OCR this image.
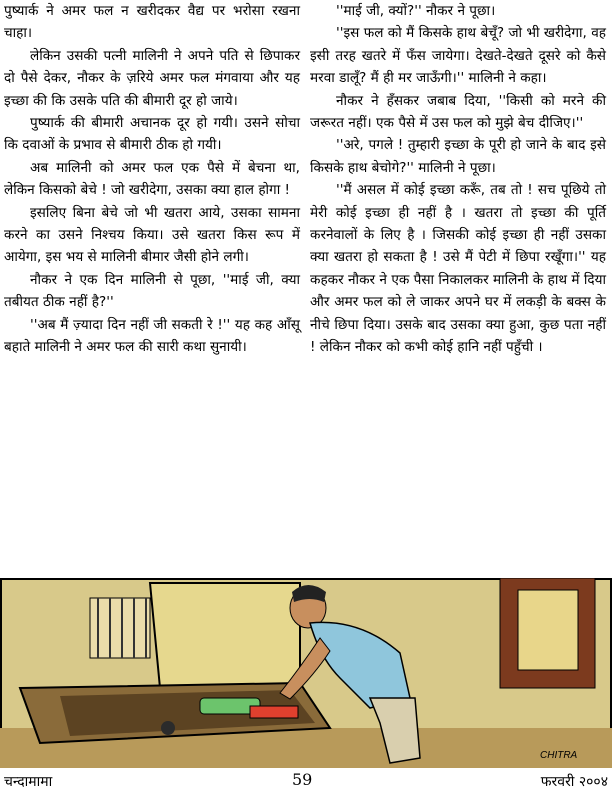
पुष्यार्क ने अमर फल न खरीदकर वैद्य पर भरोसा रखना चाहा।

लेकिन उसकी पत्नी मालिनी ने अपने पति से छिपाकर दो पैसे देकर, नौकर के ज़रिये अमर फल मंगवाया और यह इच्छा की कि उसके पति की बीमारी दूर हो जाये।

पुष्यार्क की बीमारी अचानक दूर हो गयी। उसने सोचा कि दवाओं के प्रभाव से बीमारी ठीक हो गयी।

अब मालिनी को अमर फल एक पैसे में बेचना था, लेकिन किसको बेचे ! जो खरीदेगा, उसका क्या हाल होगा !

इसलिए बिना बेचे जो भी खतरा आये, उसका सामना करने का उसने निश्चय किया। उसे खतरा किस रूप में आयेगा, इस भय से मालिनी बीमार जैसी होने लगी।

नौकर ने एक दिन मालिनी से पूछा, ''माई जी, क्या तबीयत ठीक नहीं है?''

''अब मैं ज़्यादा दिन नहीं जी सकती रे !'' यह कह आँसू बहाते मालिनी ने अमर फल की सारी कथा सुनायी।

''माई जी, क्यों?'' नौकर ने पूछा।

''इस फल को मैं किसके हाथ बेचूँ? जो भी खरीदेगा, वह इसी तरह खतरे में फँस जायेगा। देखते-देखते दूसरे को कैसे मरवा डालूँ? मैं ही मर जाऊँगी।'' मालिनी ने कहा।

नौकर ने हँसकर जबाब दिया, ''किसी को मरने की जरूरत नहीं। एक पैसे में उस फल को मुझे बेच दीजिए।''

''अरे, पगले ! तुम्हारी इच्छा के पूरी हो जाने के बाद इसे किसके हाथ बेचोगे?'' मालिनी ने पूछा।

''मैं असल में कोई इच्छा करूँ, तब तो ! सच पूछिये तो मेरी कोई इच्छा ही नहीं है । खतरा तो इच्छा की पूर्ति करनेवालों के लिए है । जिसकी कोई इच्छा ही नहीं उसका क्या खतरा हो सकता है ! उसे मैं पेटी में छिपा रखूँगा।'' यह कहकर नौकर ने एक पैसा निकालकर मालिनी के हाथ में दिया और अमर फल को ले जाकर अपने घर में लकड़ी के बक्स के नीचे छिपा दिया। उसके बाद उसका क्या हुआ, कुछ पता नहीं ! लेकिन नौकर को कभी कोई हानि नहीं पहुँची ।

CHITRA
चन्दामामा	59	फरवरी २००४
